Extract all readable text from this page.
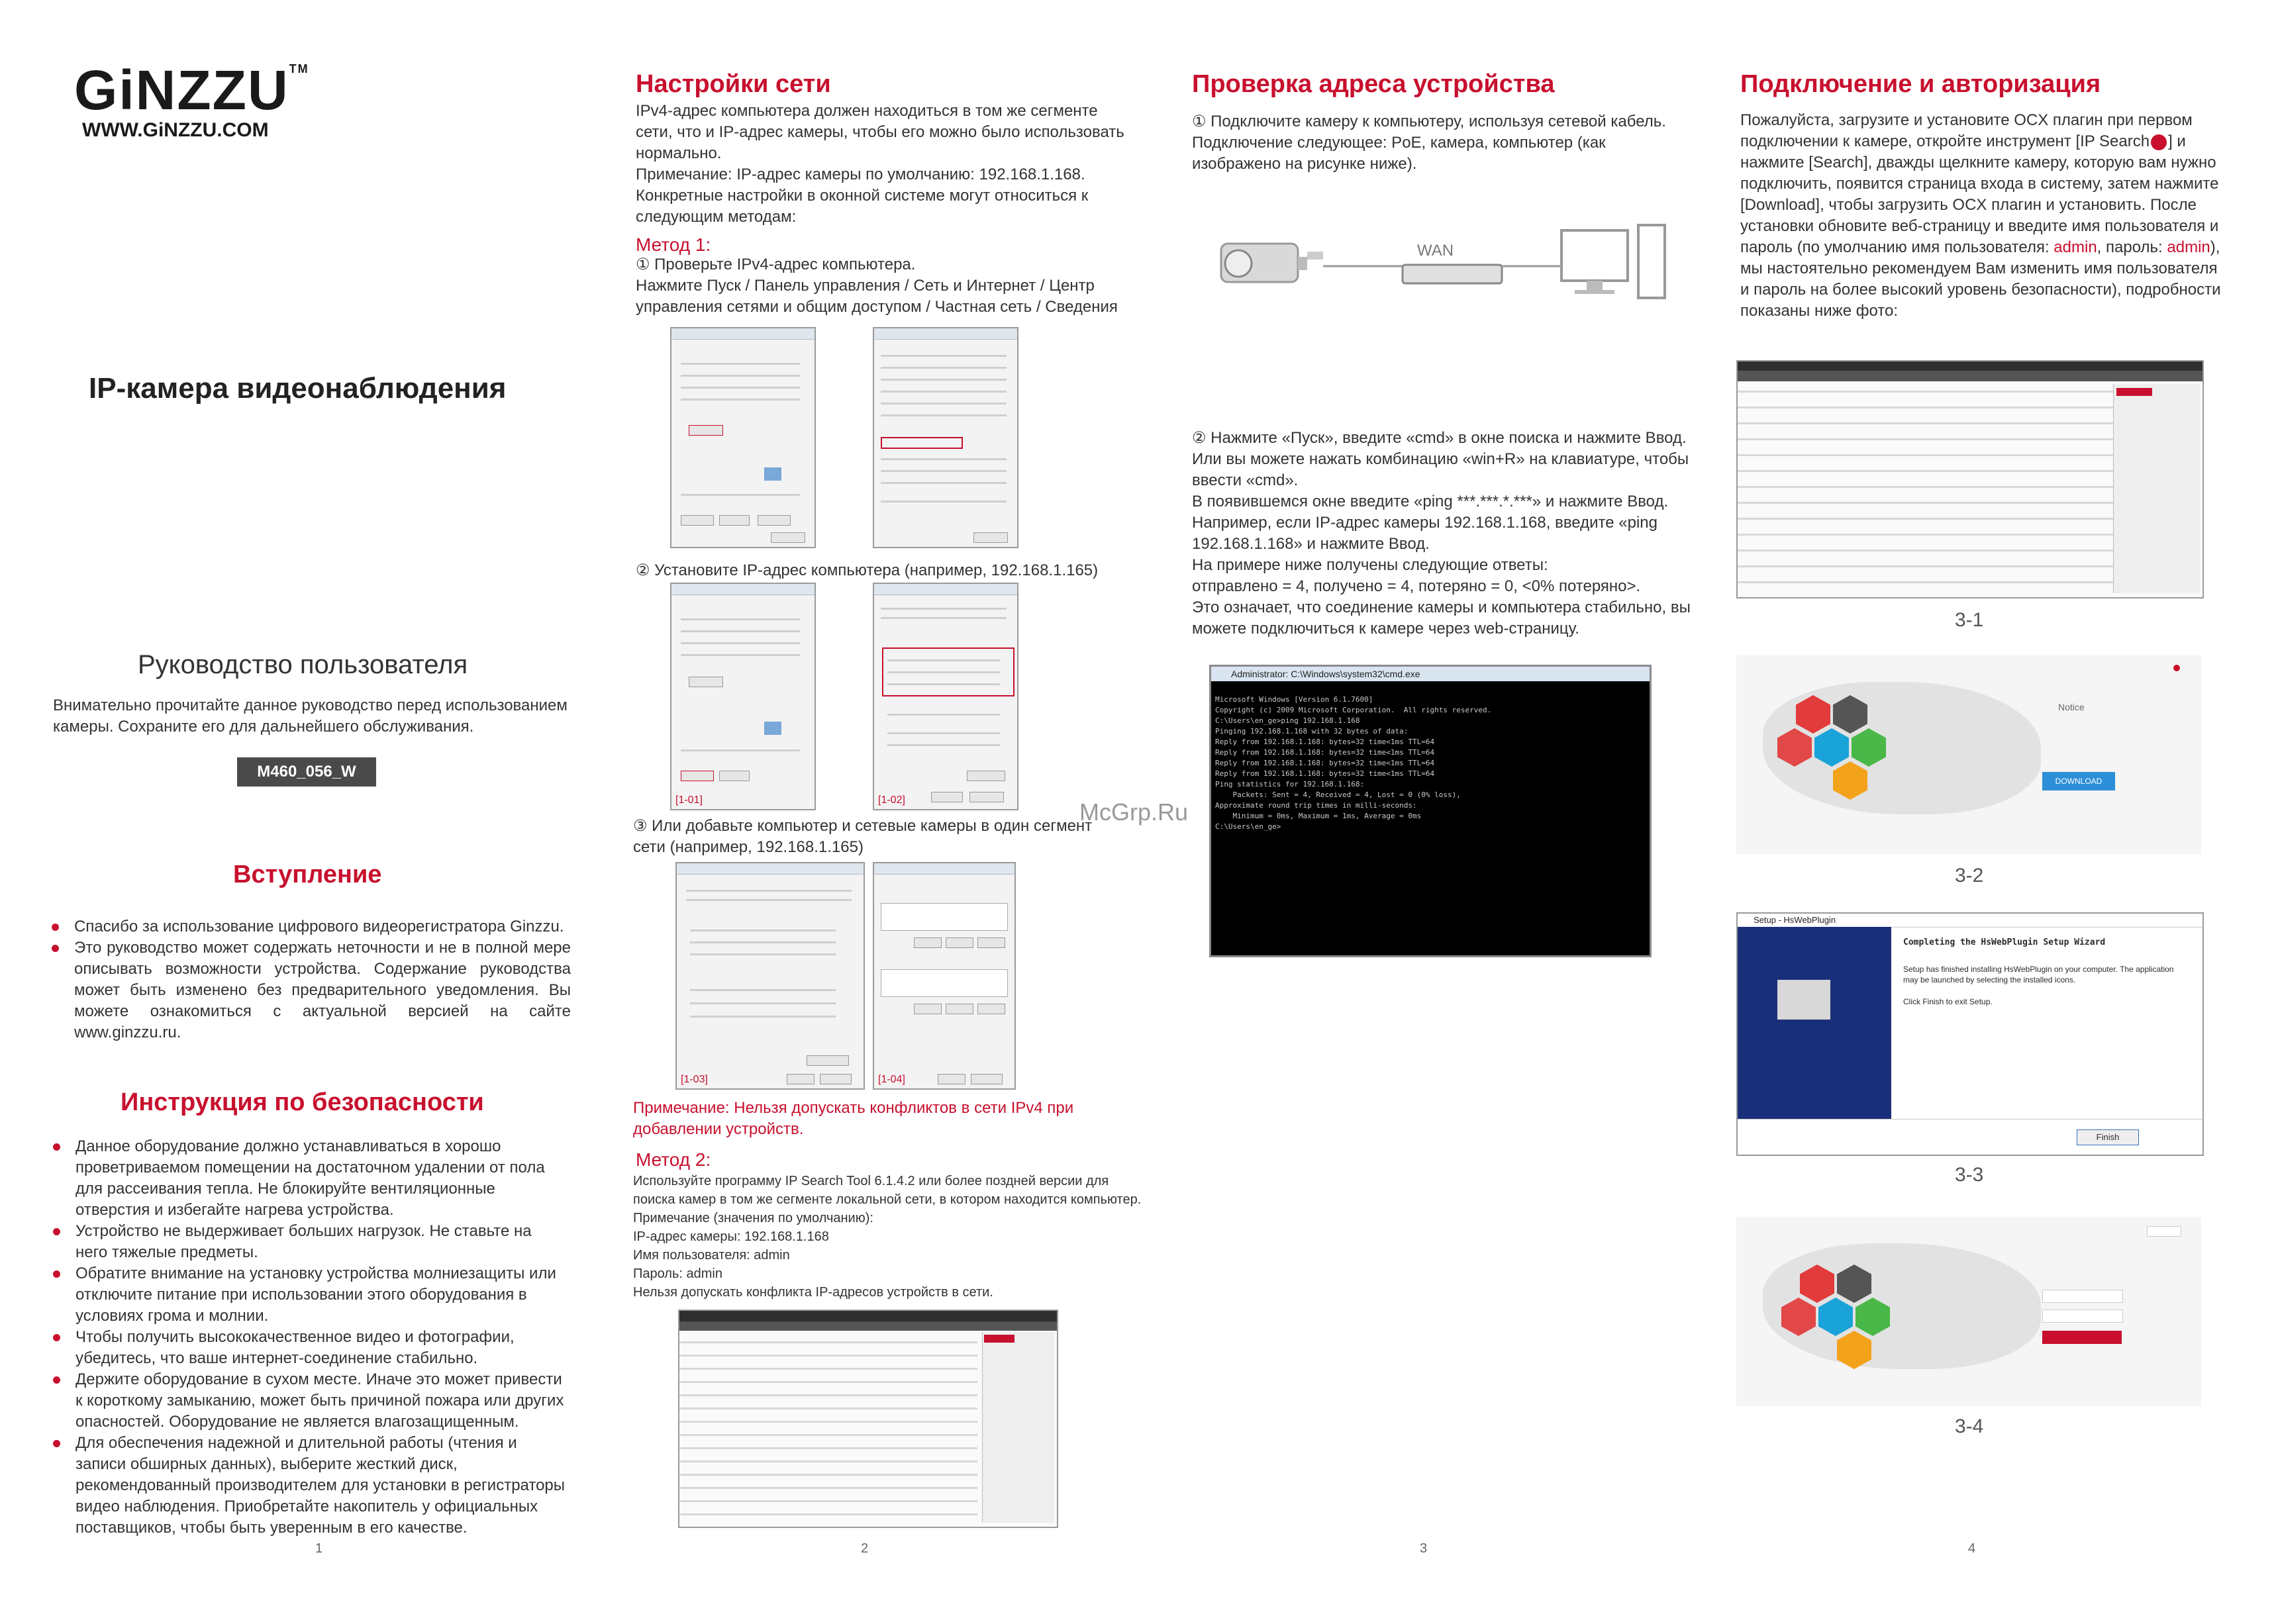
GiNZZU™
WWW.GiNZZU.COM
IP-камера видеонаблюдения
Руководство пользователя
Внимательно прочитайте данное руководство перед использованием камеры. Сохраните его для дальнейшего обслуживания.
M460_056_W
Вступление
Спасибо за использование цифрового видеорегистратора Ginzzu.
Это руководство может содержать неточности и не в полной мере описывать возможности устройства. Содержание руководства может быть изменено без предварительного уведомления. Вы можете ознакомиться с актуальной версией на сайте www.ginzzu.ru.
Инструкция по безопасности
Данное оборудование должно устанавливаться в хорошо проветриваемом помещении на достаточном удалении от пола для рассеивания тепла. Не блокируйте вентиляционные отверстия и избегайте нагрева устройства.
Устройство не выдерживает больших нагрузок. Не ставьте на него тяжелые предметы.
Обратите внимание на установку устройства молниезащиты или отключите питание при использовании этого оборудования в условиях грома и молнии.
Чтобы получить высококачественное видео и фотографии, убедитесь, что ваше интернет-соединение стабильно.
Держите оборудование в сухом месте. Иначе это может привести к короткому замыканию, может быть причиной пожара или других опасностей. Оборудование не является влагозащищенным.
Для обеспечения надежной и длительной работы (чтения и записи обширных данных), выберите жесткий диск, рекомендованный производителем для установки в регистраторы видео наблюдения. Приобретайте накопитель у официальных поставщиков, чтобы быть уверенным в его качестве.
1
Настройки сети
IPv4-адрес компьютера должен находиться в том же сегменте сети, что и IP-адрес камеры, чтобы его можно было использовать нормально.
Примечание: IP-адрес камеры по умолчанию: 192.168.1.168.
Конкретные настройки в оконной системе могут относиться к следующим методам:
Метод 1:
① Проверьте IPv4-адрес компьютера.
Нажмите Пуск / Панель управления / Сеть и Интернет / Центр управления сетями и общим доступом / Частная сеть / Сведения
② Установите IP-адрес компьютера (например, 192.168.1.165)
[1-01]	[1-02]
③ Или добавьте компьютер и сетевые камеры в один сегмент сети (например, 192.168.1.165)
[1-03]	[1-04]
Примечание: Нельзя допускать конфликтов в сети IPv4 при добавлении устройств.
Метод 2:
Используйте программу IP Search Tool 6.1.4.2 или более поздней версии для поиска камер в том же сегменте локальной сети, в котором находится компьютер.
Примечание (значения по умолчанию):
IP-адрес камеры: 192.168.1.168
Имя пользователя: admin
Пароль: admin
Нельзя допускать конфликта IP-адресов устройств в сети.
2
Проверка адреса устройства
① Подключите камеру к компьютеру, используя сетевой кабель. Подключение следующее: PoE, камера, компьютер (как изображено на рисунке ниже).
WAN
② Нажмите «Пуск», введите «cmd» в окне поиска и нажмите Ввод. Или вы можете нажать комбинацию «win+R» на клавиатуре, чтобы ввести «cmd».
В появившемся окне введите «ping ***.***.*.***» и нажмите Ввод.
Например, если IP-адрес камеры 192.168.1.168, введите «ping 192.168.1.168» и нажмите Ввод.
На примере ниже получены следующие ответы:
отправлено = 4, получено = 4, потеряно = 0, <0% потеряно>.
Это означает, что соединение камеры и компьютера стабильно, вы можете подключиться к камере через web-страницу.
Administrator: C:\Windows\system32\cmd.exe

Microsoft Windows [Version 6.1.7600]
Copyright (c) 2009 Microsoft Corporation.  All rights reserved.
C:\Users\en_ge>ping 192.168.1.168
Pinging 192.168.1.168 with 32 bytes of data:
Reply from 192.168.1.168: bytes=32 time<1ms TTL=64
Reply from 192.168.1.168: bytes=32 time<1ms TTL=64
Reply from 192.168.1.168: bytes=32 time<1ms TTL=64
Reply from 192.168.1.168: bytes=32 time<1ms TTL=64
Ping statistics for 192.168.1.168:
Packets: Sent = 4, Received = 4, Lost = 0 (0% loss),
Approximate round trip times in milli-seconds:
Minimum = 0ms, Maximum = 1ms, Average = 0ms
C:\Users\en_ge>

McGrp.Ru
3
Подключение и авторизация
Пожалуйста, загрузите и установите OCX плагин при первом подключении к камере, откройте инструмент [IP Search ] и нажмите [Search], дважды щелкните камеру, которую вам нужно подключить, появится страница входа в систему, затем нажмите [Download], чтобы загрузить OCX плагин и установить. После установки обновите веб-страницу и введите имя пользователя и пароль (по умолчанию имя пользователя: admin, пароль: admin), мы настоятельно рекомендуем Вам изменить имя пользователя и пароль на более высокий уровень безопасности), подробности показаны ниже фото:
3-1
Notice
DOWNLOAD
3-2
Setup - HsWebPlugin
Completing the HsWebPlugin Setup Wizard
Setup has finished installing HsWebPlugin on your computer. The application may be launched by selecting the installed icons.
Click Finish to exit Setup.
Finish
3-3
3-4
4
